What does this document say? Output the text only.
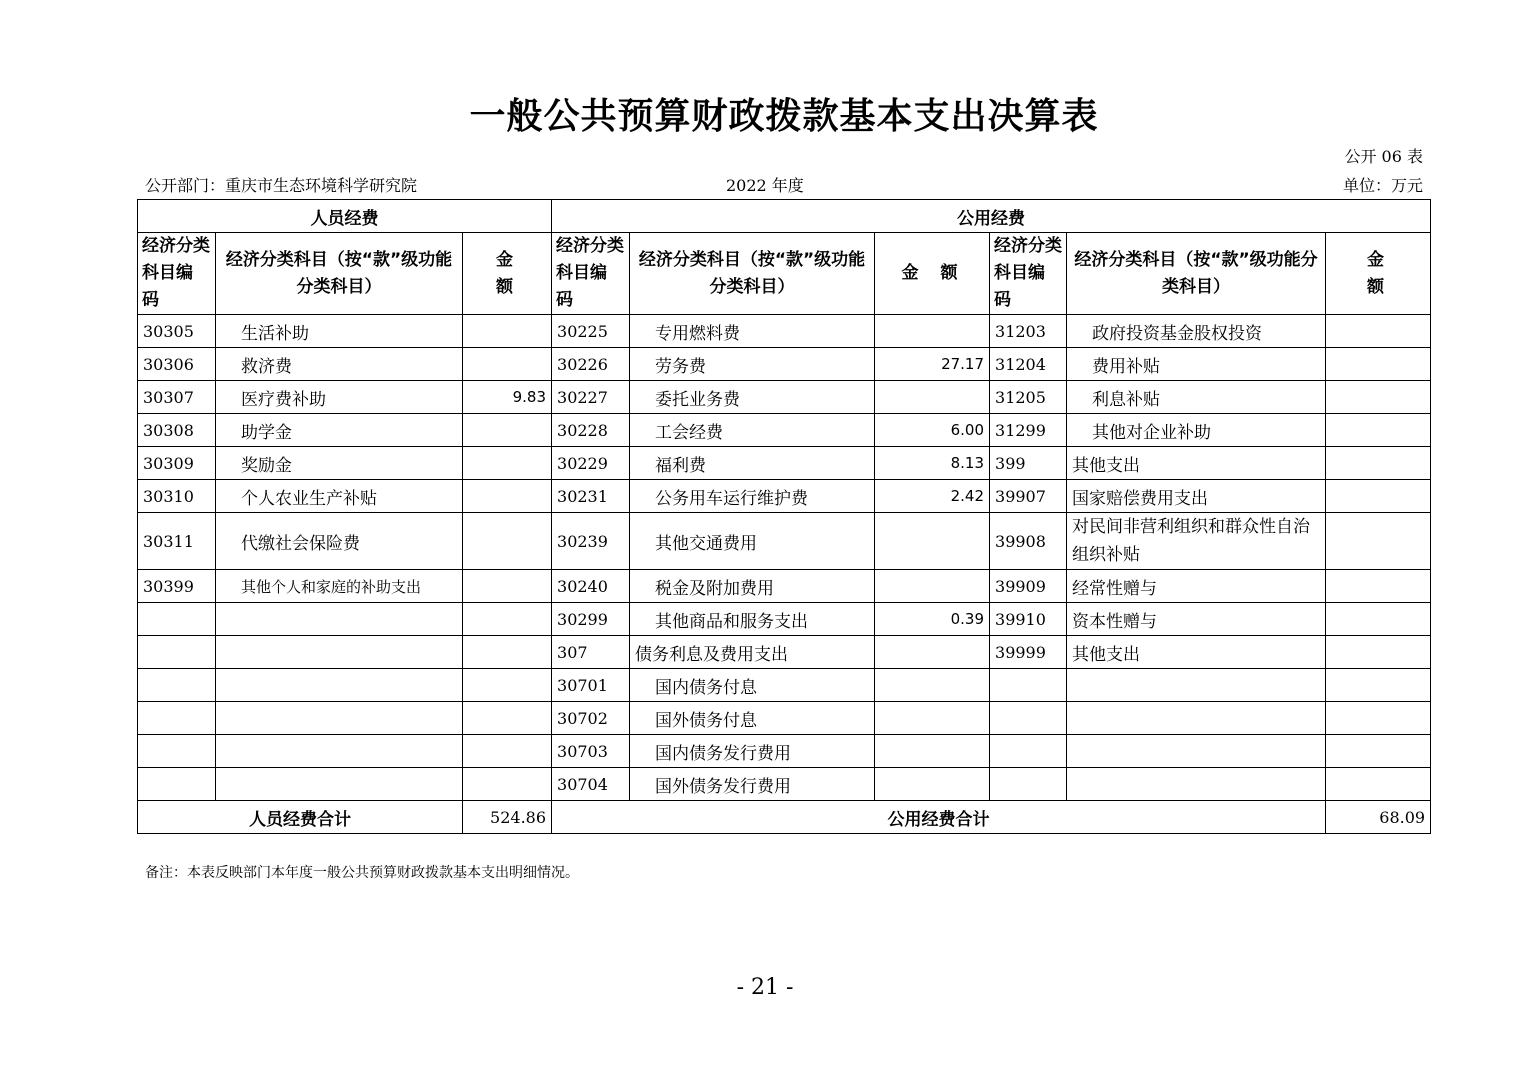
一般公共预算财政拨款基本支出决算表
公开 06 表
公开部门：重庆市生态环境科学研究院	2022 年度	单位：万元
人员经费			公用经费					
经济分类科目编　码	经济分类科目（按“款”级功能分类科目）	金额	经济分类科目编　码	经济分类科目（按“款”级功能分类科目）	金额	经济分类科目编　码	经济分类科目（按“款”级功能分类科目）	金额
30305	生活补助		30225	专用燃料费		31203	政府投资基金股权投资	
30306	救济费		30226	劳务费	27.17	31204	费用补贴	
30307	医疗费补助	9.83	30227	委托业务费		31205	利息补贴	
30308	助学金		30228	工会经费	6.00	31299	其他对企业补助	
30309	奖励金		30229	福利费	8.13	399	其他支出	
30310	个人农业生产补贴		30231	公务用车运行维护费	2.42	39907	国家赔偿费用支出	
30311	代缴社会保险费		30239	其他交通费用		39908	对民间非营利组织和群众性自治组织补贴	
30399	其他个人和家庭的补助支出		30240	税金及附加费用		39909	经常性赠与	
			30299	其他商品和服务支出	0.39	39910	资本性赠与	
			307	债务利息及费用支出		39999	其他支出	
			30701	国内债务付息				
			30702	国外债务付息				
			30703	国内债务发行费用				
			30704	国外债务发行费用				
人员经费合计		524.86	公用经费合计					68.09
备注：本表反映部门本年度一般公共预算财政拨款基本支出明细情况。
- 21 -
